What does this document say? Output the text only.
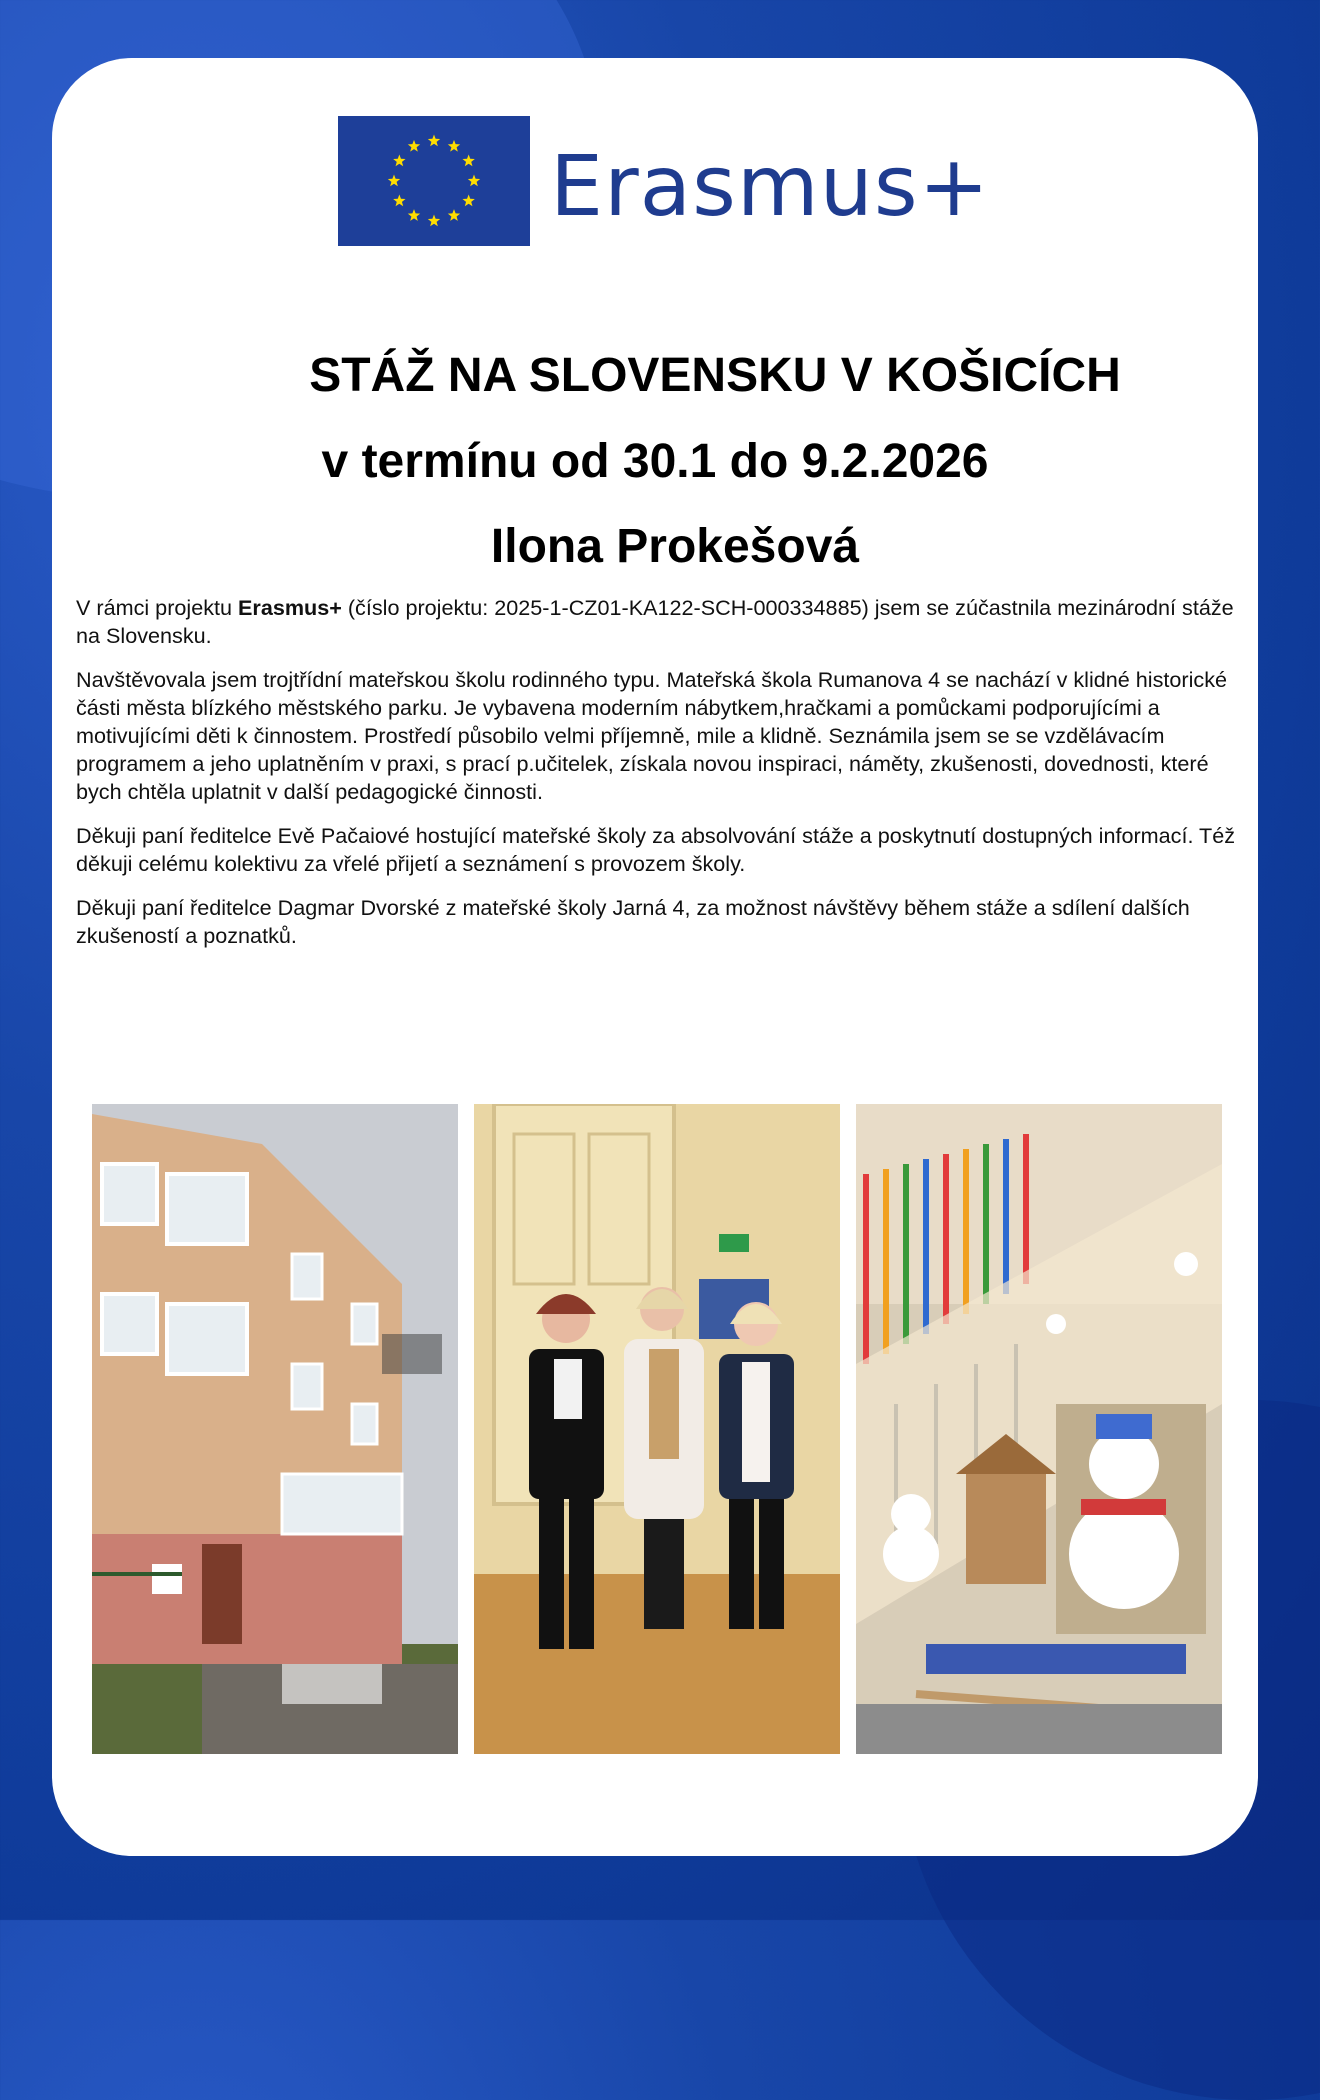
Erasmus+
STÁŽ NA SLOVENSKU V KOŠICÍCH
v termínu od 30.1 do 9.2.2026
Ilona Prokešová

V rámci projektu Erasmus+ (číslo projektu: 2025-1-CZ01-KA122-SCH-000334885) jsem se zúčastnila mezinárodní stáže na Slovensku.

Navštěvovala jsem trojtřídní mateřskou školu rodinného typu. Mateřská škola Rumanova 4 se nachází v klidné historické části města blízkého městského parku. Je vybavena moderním nábytkem,hračkami a pomůckami podporujícími a motivujícími děti k činnostem. Prostředí působilo velmi příjemně, mile a klidně. Seznámila jsem se se vzdělávacím programem a jeho uplatněním v praxi, s prací p.učitelek, získala novou inspiraci, náměty, zkušenosti, dovednosti, které bych chtěla uplatnit v další pedagogické činnosti.

Děkuji paní ředitelce Evě Pačaiové hostující mateřské školy za absolvování stáže a poskytnutí dostupných informací. Též děkuji celému kolektivu za vřelé přijetí a seznámení s provozem školy.

Děkuji paní ředitelce Dagmar Dvorské z mateřské školy Jarná 4, za možnost návštěvy během stáže a sdílení dalších zkušeností a poznatků.
